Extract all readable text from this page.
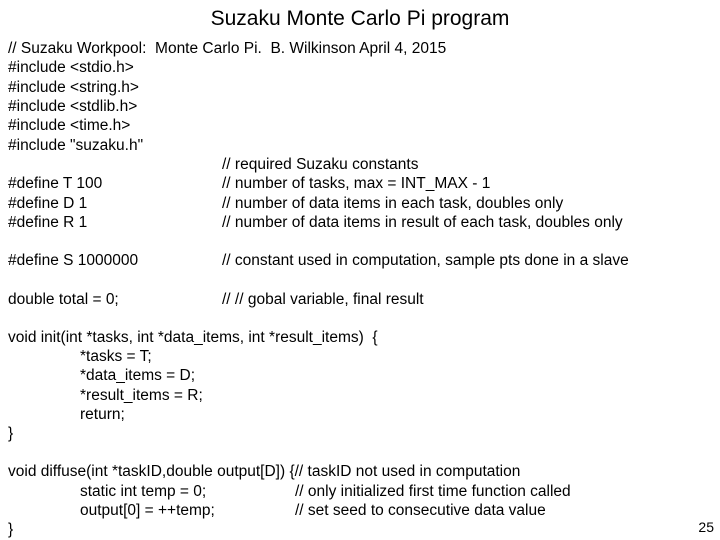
Suzaku Monte Carlo Pi program
// Suzaku Workpool:  Monte Carlo Pi.  B. Wilkinson April 4, 2015
#include <stdio.h>
#include <string.h>
#include <stdlib.h>
#include <time.h>
#include "suzaku.h"
// required Suzaku constants
#define T 100	// number of tasks, max = INT_MAX - 1
#define D 1	// number of data items in each task, doubles only
#define R 1	// number of data items in result of each task, doubles only
#define S 1000000	// constant used in computation, sample pts done in a slave
double total = 0;	// // gobal variable, final result
void init(int *tasks, int *data_items, int *result_items)  {
*tasks = T;
*data_items = D;
*result_items = R;
return;
}
void diffuse(int *taskID,double output[D]) {// taskID not used in computation
static int temp = 0;	// only initialized first time function called
output[0] = ++temp;	// set seed to consecutive data value
}	25
